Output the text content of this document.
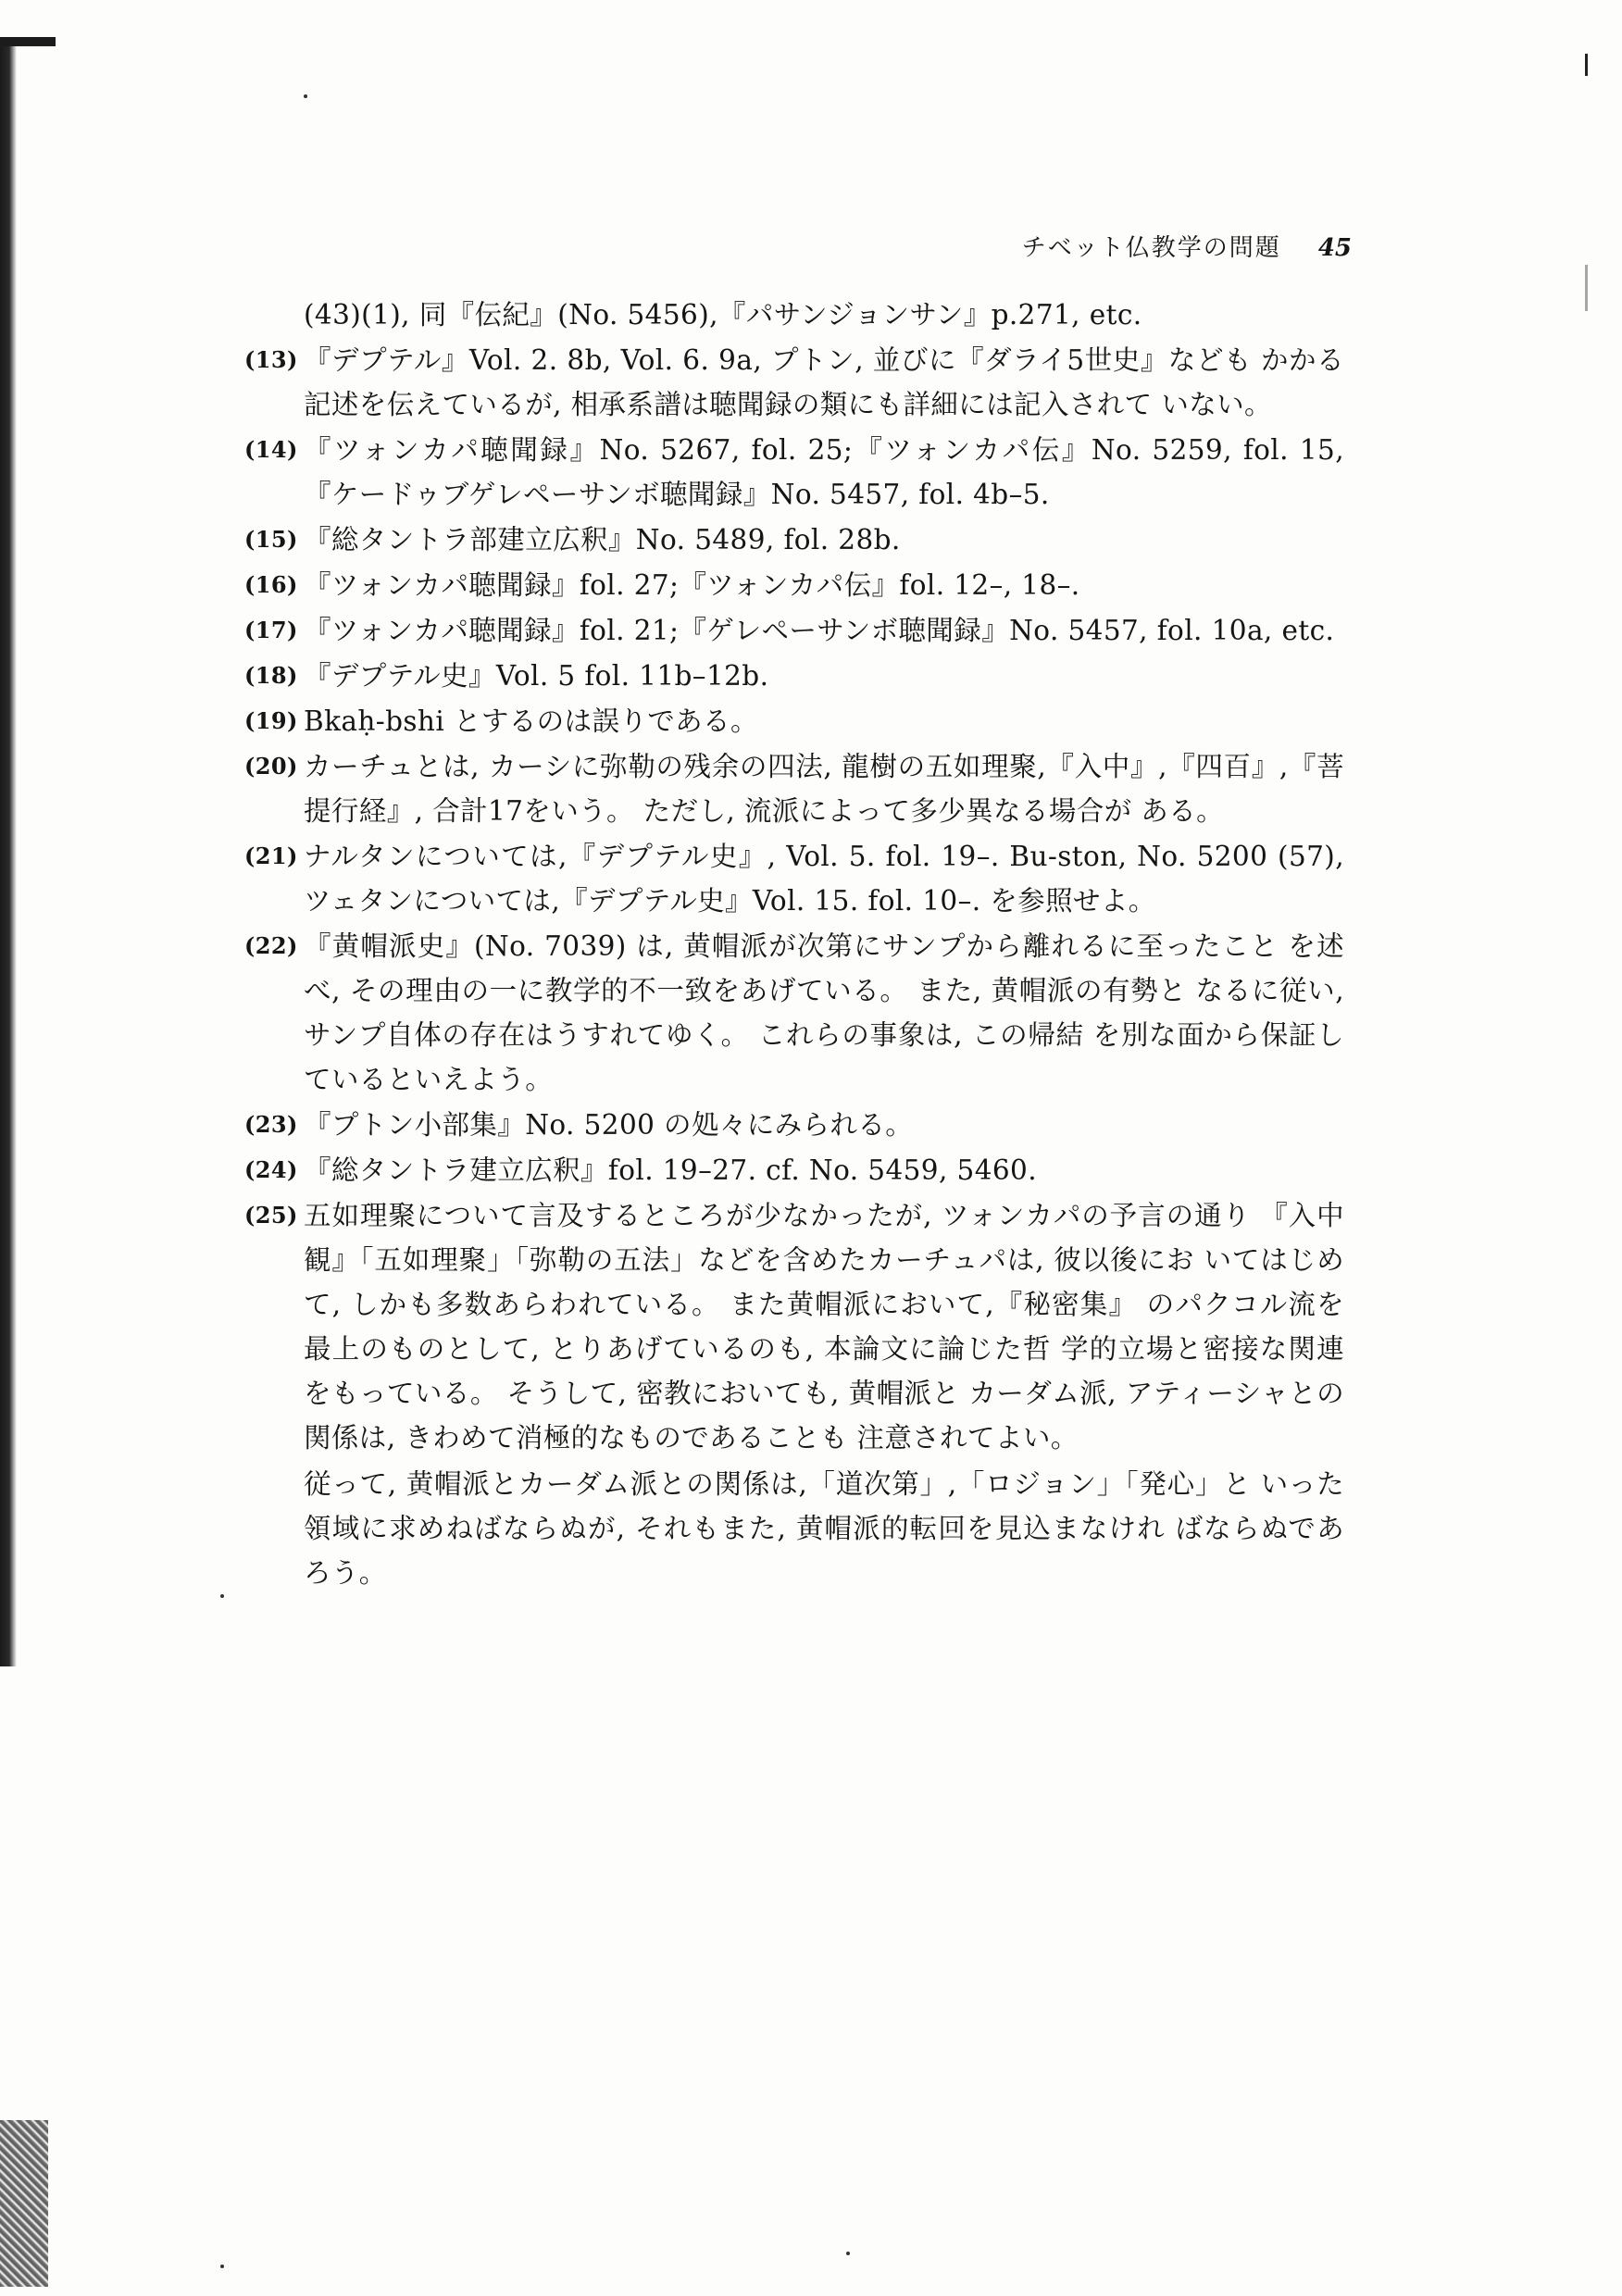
チベット仏教学の問題 45
(43)(1), 同『伝紀』(No. 5456),『パサンジョンサン』p.271, etc.
( 13 ) 『デプテル』Vol. 2. 8b, Vol. 6. 9a, プトン, 並びに『ダライ5世史』なども かかる記述を伝えているが, 相承系譜は聴聞録の類にも詳細には記入されて いない。
( 14 ) 『ツォンカパ聴聞録』No. 5267, fol. 25;『ツォンカパ伝』No. 5259, fol. 15, 『ケードゥブゲレペーサンボ聴聞録』No. 5457, fol. 4b–5.
( 15 ) 『総タントラ部建立広釈』No. 5489, fol. 28b.
( 16 ) 『ツォンカパ聴聞録』fol. 27;『ツォンカパ伝』fol. 12–, 18–.
( 17 ) 『ツォンカパ聴聞録』fol. 21;『ゲレペーサンボ聴聞録』No. 5457, fol. 10a, etc.
( 18 ) 『デプテル史』Vol. 5 fol. 11b–12b.
( 19 ) Bkaḥ-bshi とするのは誤りである。
( 20 ) カーチュとは, カーシに弥勒の残余の四法, 龍樹の五如理聚,『入中』,『四百』,『菩提行経』, 合計17をいう。 ただし, 流派によって多少異なる場合が ある。
( 21 ) ナルタンについては,『デプテル史』, Vol. 5. fol. 19–. Bu-ston, No. 5200 (57), ツェタンについては,『デプテル史』Vol. 15. fol. 10–. を参照せよ。
( 22 ) 『黄帽派史』(No. 7039) は, 黄帽派が次第にサンプから離れるに至ったこと を述べ, その理由の一に教学的不一致をあげている。 また, 黄帽派の有勢と なるに従い, サンプ自体の存在はうすれてゆく。 これらの事象は, この帰結 を別な面から保証しているといえよう。
( 23 ) 『プトン小部集』No. 5200 の処々にみられる。
( 24 ) 『総タントラ建立広釈』fol. 19–27. cf. No. 5459, 5460.
( 25 ) 五如理聚について言及するところが少なかったが, ツォンカパの予言の通り 『入中観』「五如理聚」「弥勒の五法」などを含めたカーチュパは, 彼以後にお いてはじめて, しかも多数あらわれている。 また黄帽派において,『秘密集』 のパクコル流を最上のものとして, とりあげているのも, 本論文に論じた哲 学的立場と密接な関連をもっている。 そうして, 密教においても, 黄帽派と カーダム派, アティーシャとの関係は, きわめて消極的なものであることも 注意されてよい。
従って, 黄帽派とカーダム派との関係は,「道次第」,「ロジョン」「発心」と いった領域に求めねばならぬが, それもまた, 黄帽派的転回を見込まなけれ ばならぬであろう。
